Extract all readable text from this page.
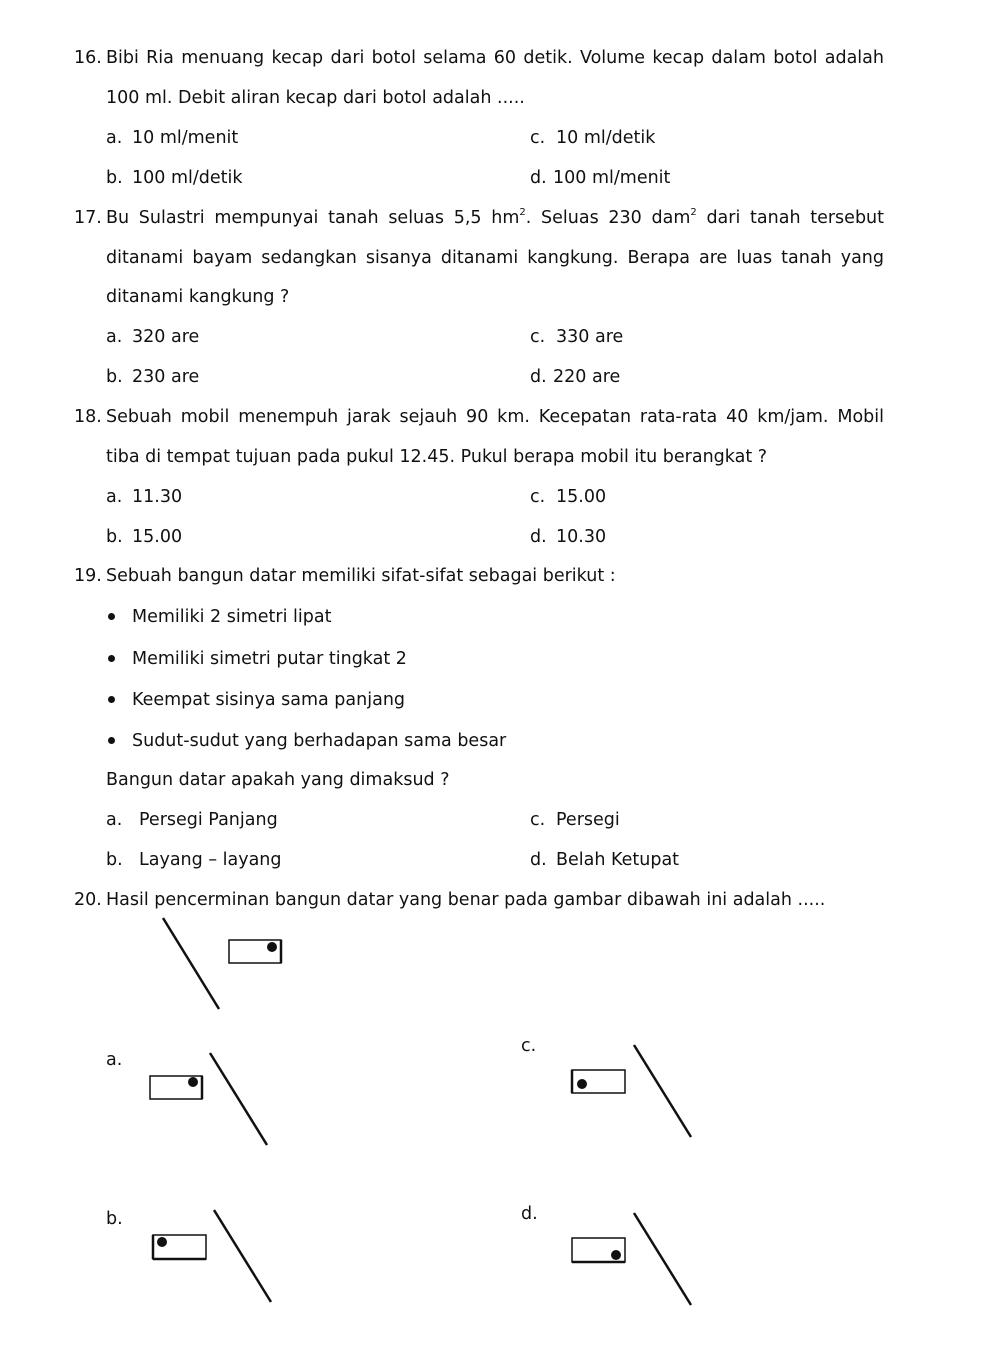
16. Bibi Ria menuang kecap dari botol selama 60 detik. Volume kecap dalam botol adalah
100 ml. Debit aliran kecap dari botol adalah .....
a. 10 ml/menit
b. 100 ml/detik
c. 10 ml/detik
d. 100 ml/menit
17. Bu Sulastri mempunyai tanah seluas 5,5 $hm^2$. Seluas 230 dam$^2$ dari tanah tersebut
ditanami bayam sedangkan sisanya ditanami kangkung. Berapa are luas tanah yang
ditanami kangkung ?
a. 320 are
b. 230 are
c. 330 are
d. 220 are
18. Sebuah mobil menempuh jarak sejauh 90 km. Kecepatan rata-rata 40 km/jam. Mobil
tiba di tempat tujuan pada pukul 12.45. Pukul berapa mobil itu berangkat ?
a. 11.30
b. 15.00
c. 15.00
d. 10.30
19. Sebuah bangun datar memiliki sifat-sifat sebagai berikut :
Memiliki 2 simetri lipat
Memiliki simetri putar tingkat 2
Keempat sisinya sama panjang
Sudut-sudut yang berhadapan sama besar
Bangun datar apakah yang dimaksud ?
a. Persegi Panjang
b. Layang – layang
c. Persegi
d. Belah Ketupat
20. Hasil pencerminan bangun datar yang benar pada gambar dibawah ini adalah .....
a.
b.
c.
d.
